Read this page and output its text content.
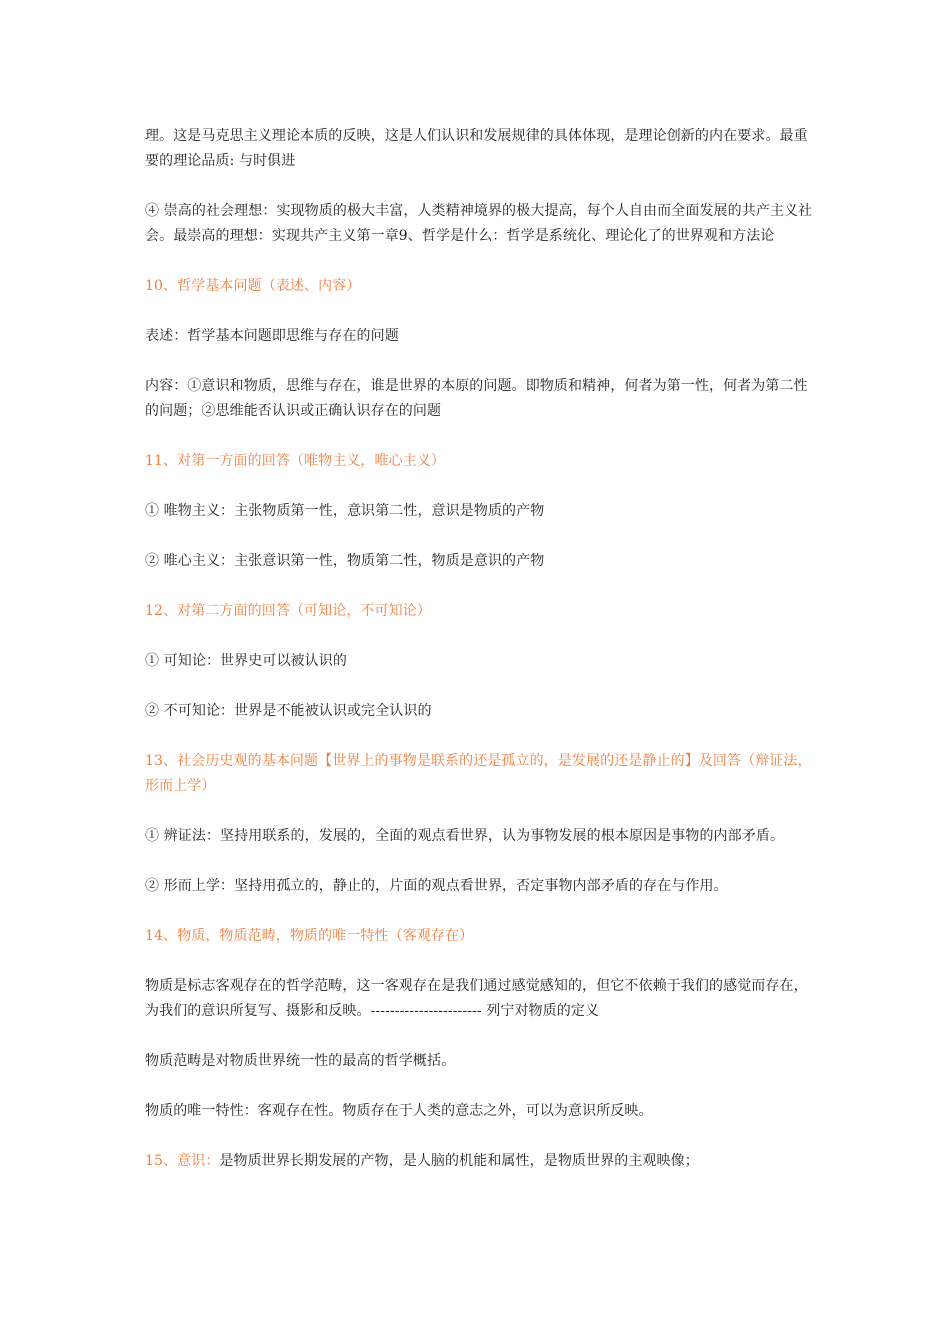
理。这是马克思主义理论本质的反映，这是人们认识和发展规律的具体体现，是理论创新的内在要求。最重要的理论品质: 与时俱进

④ 崇高的社会理想：实现物质的极大丰富，人类精神境界的极大提高，每个人自由而全面发展的共产主义社会。最崇高的理想：实现共产主义第一章9、哲学是什么：哲学是系统化、理论化了的世界观和方法论

10、哲学基本问题（表述、内容）

表述：哲学基本问题即思维与存在的问题

内容：①意识和物质，思维与存在，谁是世界的本原的问题。即物质和精神，何者为第一性，何者为第二性的问题；②思维能否认识或正确认识存在的问题

11、对第一方面的回答（唯物主义，唯心主义）

① 唯物主义：主张物质第一性，意识第二性，意识是物质的产物

② 唯心主义：主张意识第一性，物质第二性，物质是意识的产物

12、对第二方面的回答（可知论，不可知论）

① 可知论：世界史可以被认识的

② 不可知论：世界是不能被认识或完全认识的

13、社会历史观的基本问题【世界上的事物是联系的还是孤立的，是发展的还是静止的】及回答（辩证法，形而上学）

① 辨证法：坚持用联系的，发展的，全面的观点看世界，认为事物发展的根本原因是事物的内部矛盾。

② 形而上学：坚持用孤立的，静止的，片面的观点看世界，否定事物内部矛盾的存在与作用。

14、物质，物质范畴，物质的唯一特性（客观存在）

物质是标志客观存在的哲学范畴，这一客观存在是我们通过感觉感知的，但它不依赖于我们的感觉而存在，为我们的意识所复写、摄影和反映。----------------------- 列宁对物质的定义

物质范畴是对物质世界统一性的最高的哲学概括。

物质的唯一特性：客观存在性。物质存在于人类的意志之外，可以为意识所反映。

15、意识：是物质世界长期发展的产物，是人脑的机能和属性，是物质世界的主观映像；
